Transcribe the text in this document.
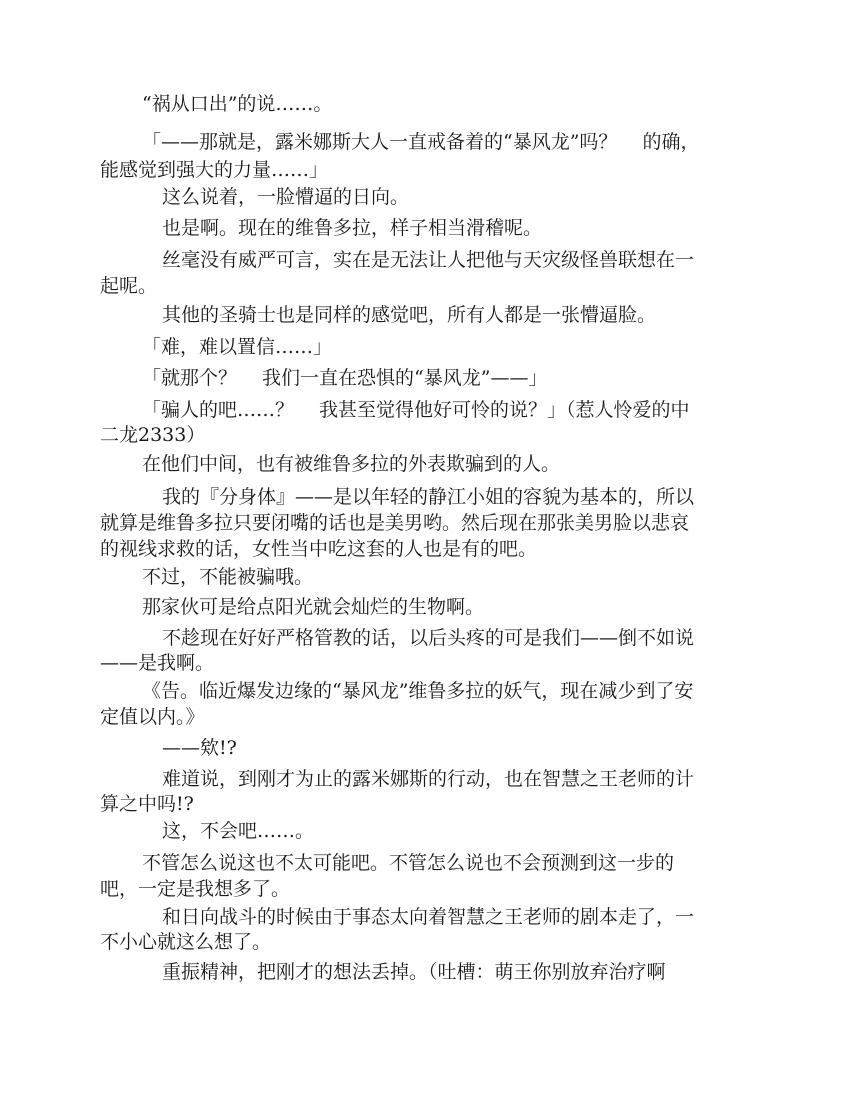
“祸从口出”的说……。

「——那就是，露米娜斯大人一直戒备着的“暴风龙”吗？　 的确，

能感觉到强大的力量……」

这么说着，一脸懵逼的日向。

也是啊。现在的维鲁多拉，样子相当滑稽呢。

丝毫没有威严可言，实在是无法让人把他与天灾级怪兽联想在一

起呢。

其他的圣骑士也是同样的感觉吧，所有人都是一张懵逼脸。

「难，难以置信……」

「就那个？　 我们一直在恐惧的“暴风龙”——」

「骗人的吧……？　 我甚至觉得他好可怜的说？」（惹人怜爱的中

二龙2333）

在他们中间，也有被维鲁多拉的外表欺骗到的人。

我的『分身体』——是以年轻的静江小姐的容貌为基本的，所以

就算是维鲁多拉只要闭嘴的话也是美男哟。然后现在那张美男脸以悲哀

的视线求救的话，女性当中吃这套的人也是有的吧。

不过，不能被骗哦。

那家伙可是给点阳光就会灿烂的生物啊。

不趁现在好好严格管教的话，以后头疼的可是我们——倒不如说

——是我啊。

《告。临近爆发边缘的“暴风龙”维鲁多拉的妖气，现在减少到了安

定值以内。》

——欸!?

难道说，到刚才为止的露米娜斯的行动，也在智慧之王老师的计

算之中吗!?

这，不会吧……。

不管怎么说这也不太可能吧。不管怎么说也不会预测到这一步的

吧，一定是我想多了。

和日向战斗的时候由于事态太向着智慧之王老师的剧本走了，一

不小心就这么想了。

重振精神，把刚才的想法丢掉。（吐槽：萌王你别放弃治疗啊
